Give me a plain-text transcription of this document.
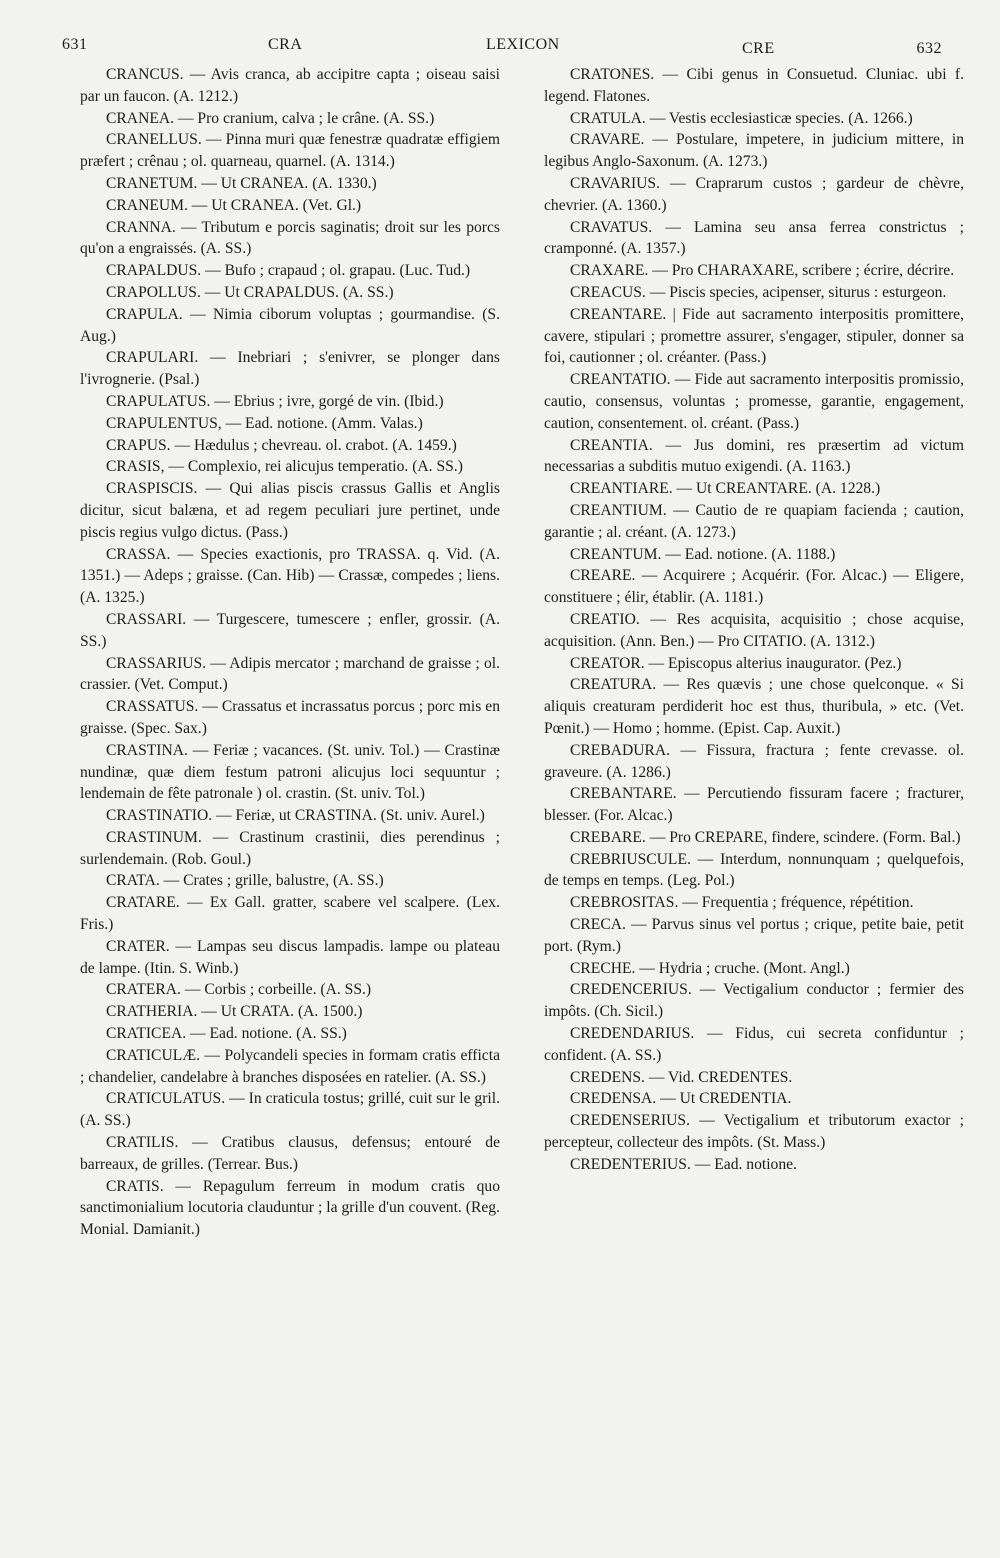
631	CRA	LEXICON	CRE	632

CRANCUS. — Avis cranca, ab accipitre capta ; oiseau saisi par un faucon. (A. 1212.)

CRANEA. — Pro cranium, calva ; le crâne. (A. SS.)

CRANELLUS. — Pinna muri quæ fenestræ quadratæ effigiem præfert ; crênau ; ol. quarneau, quarnel. (A. 1314.)

CRANETUM. — Ut CRANEA. (A. 1330.)

CRANEUM. — Ut CRANEA. (Vet. Gl.)

CRANNA. — Tributum e porcis saginatis; droit sur les porcs qu'on a engraissés. (A. SS.)

CRAPALDUS. — Bufo ; crapaud ; ol. grapau. (Luc. Tud.)

CRAPOLLUS. — Ut CRAPALDUS. (A. SS.)

CRAPULA. — Nimia ciborum voluptas ; gourmandise. (S. Aug.)

CRAPULARI. — Inebriari ; s'enivrer, se plonger dans l'ivrognerie. (Psal.)

CRAPULATUS. — Ebrius ; ivre, gorgé de vin. (Ibid.)

CRAPULENTUS, — Ead. notione. (Amm. Valas.)

CRAPUS. — Hædulus ; chevreau. ol. crabot. (A. 1459.)

CRASIS, — Complexio, rei alicujus temperatio. (A. SS.)

CRASPISCIS. — Qui alias piscis crassus Gallis et Anglis dicitur, sicut balæna, et ad regem peculiari jure pertinet, unde piscis regius vulgo dictus. (Pass.)

CRASSA. — Species exactionis, pro TRASSA. q. Vid. (A. 1351.) — Adeps ; graisse. (Can. Hib) — Crassæ, compedes ; liens. (A. 1325.)

CRASSARI. — Turgescere, tumescere ; enfler, grossir. (A. SS.)

CRASSARIUS. — Adipis mercator ; marchand de graisse ; ol. crassier. (Vet. Comput.)

CRASSATUS. — Crassatus et incrassatus porcus ; porc mis en graisse. (Spec. Sax.)

CRASTINA. — Feriæ ; vacances. (St. univ. Tol.) — Crastinæ nundinæ, quæ diem festum patroni alicujus loci sequuntur ; lendemain de fête patronale ) ol. crastin. (St. univ. Tol.)

CRASTINATIO. — Feriæ, ut CRASTINA. (St. univ. Aurel.)

CRASTINUM. — Crastinum crastinii, dies perendinus ; surlendemain. (Rob. Goul.)

CRATA. — Crates ; grille, balustre, (A. SS.)

CRATARE. — Ex Gall. gratter, scabere vel scalpere. (Lex. Fris.)

CRATER. — Lampas seu discus lampadis. lampe ou plateau de lampe. (Itin. S. Winb.)

CRATERA. — Corbis ; corbeille. (A. SS.)

CRATHERIA. — Ut CRATA. (A. 1500.)

CRATICEA. — Ead. notione. (A. SS.)

CRATICULÆ. — Polycandeli species in formam cratis efficta ; chandelier, candelabre à branches disposées en ratelier. (A. SS.)

CRATICULATUS. — In craticula tostus; grillé, cuit sur le gril. (A. SS.)

CRATILIS. — Cratibus clausus, defensus; entouré de barreaux, de grilles. (Terrear. Bus.)

CRATIS. — Repagulum ferreum in modum cratis quo sanctimonialium locutoria clauduntur ; la grille d'un couvent. (Reg. Monial. Damianit.)

CRATONES. — Cibi genus in Consuetud. Cluniac. ubi f. legend. Flatones.

CRATULA. — Vestis ecclesiasticæ species. (A. 1266.)

CRAVARE. — Postulare, impetere, in judicium mittere, in legibus Anglo-Saxonum. (A. 1273.)

CRAVARIUS. — Craprarum custos ; gardeur de chèvre, chevrier. (A. 1360.)

CRAVATUS. — Lamina seu ansa ferrea constrictus ; cramponné. (A. 1357.)

CRAXARE. — Pro CHARAXARE, scribere ; écrire, décrire.

CREACUS. — Piscis species, acipenser, siturus : esturgeon.

CREANTARE. | Fide aut sacramento interpositis promittere, cavere, stipulari ; promettre assurer, s'engager, stipuler, donner sa foi, cautionner ; ol. créanter. (Pass.)

CREANTATIO. — Fide aut sacramento interpositis promissio, cautio, consensus, voluntas ; promesse, garantie, engagement, caution, consentement. ol. créant. (Pass.)

CREANTIA. — Jus domini, res præsertim ad victum necessarias a subditis mutuo exigendi. (A. 1163.)

CREANTIARE. — Ut CREANTARE. (A. 1228.)

CREANTIUM. — Cautio de re quapiam facienda ; caution, garantie ; al. créant. (A. 1273.)

CREANTUM. — Ead. notione. (A. 1188.)

CREARE. — Acquirere ; Acquérir. (For. Alcac.) — Eligere, constituere ; élir, établir. (A. 1181.)

CREATIO. — Res acquisita, acquisitio ; chose acquise, acquisition. (Ann. Ben.) — Pro CITATIO. (A. 1312.)

CREATOR. — Episcopus alterius inaugurator. (Pez.)

CREATURA. — Res quævis ; une chose quelconque. « Si aliquis creaturam perdiderit hoc est thus, thuribula, » etc. (Vet. Pœnit.) — Homo ; homme. (Epist. Cap. Auxit.)

CREBADURA. — Fissura, fractura ; fente crevasse. ol. graveure. (A. 1286.)

CREBANTARE. — Percutiendo fissuram facere ; fracturer, blesser. (For. Alcac.)

CREBARE. — Pro CREPARE, findere, scindere. (Form. Bal.)

CREBRIUSCULE. — Interdum, nonnunquam ; quelquefois, de temps en temps. (Leg. Pol.)

CREBROSITAS. — Frequentia ; fréquence, répétition.

CRECA. — Parvus sinus vel portus ; crique, petite baie, petit port. (Rym.)

CRECHE. — Hydria ; cruche. (Mont. Angl.)

CREDENCERIUS. — Vectigalium conductor ; fermier des impôts. (Ch. Sicil.)

CREDENDARIUS. — Fidus, cui secreta confiduntur ; confident. (A. SS.)

CREDENS. — Vid. CREDENTES.

CREDENSA. — Ut CREDENTIA.

CREDENSERIUS. — Vectigalium et tributorum exactor ; percepteur, collecteur des impôts. (St. Mass.)

CREDENTERIUS. — Ead. notione.
